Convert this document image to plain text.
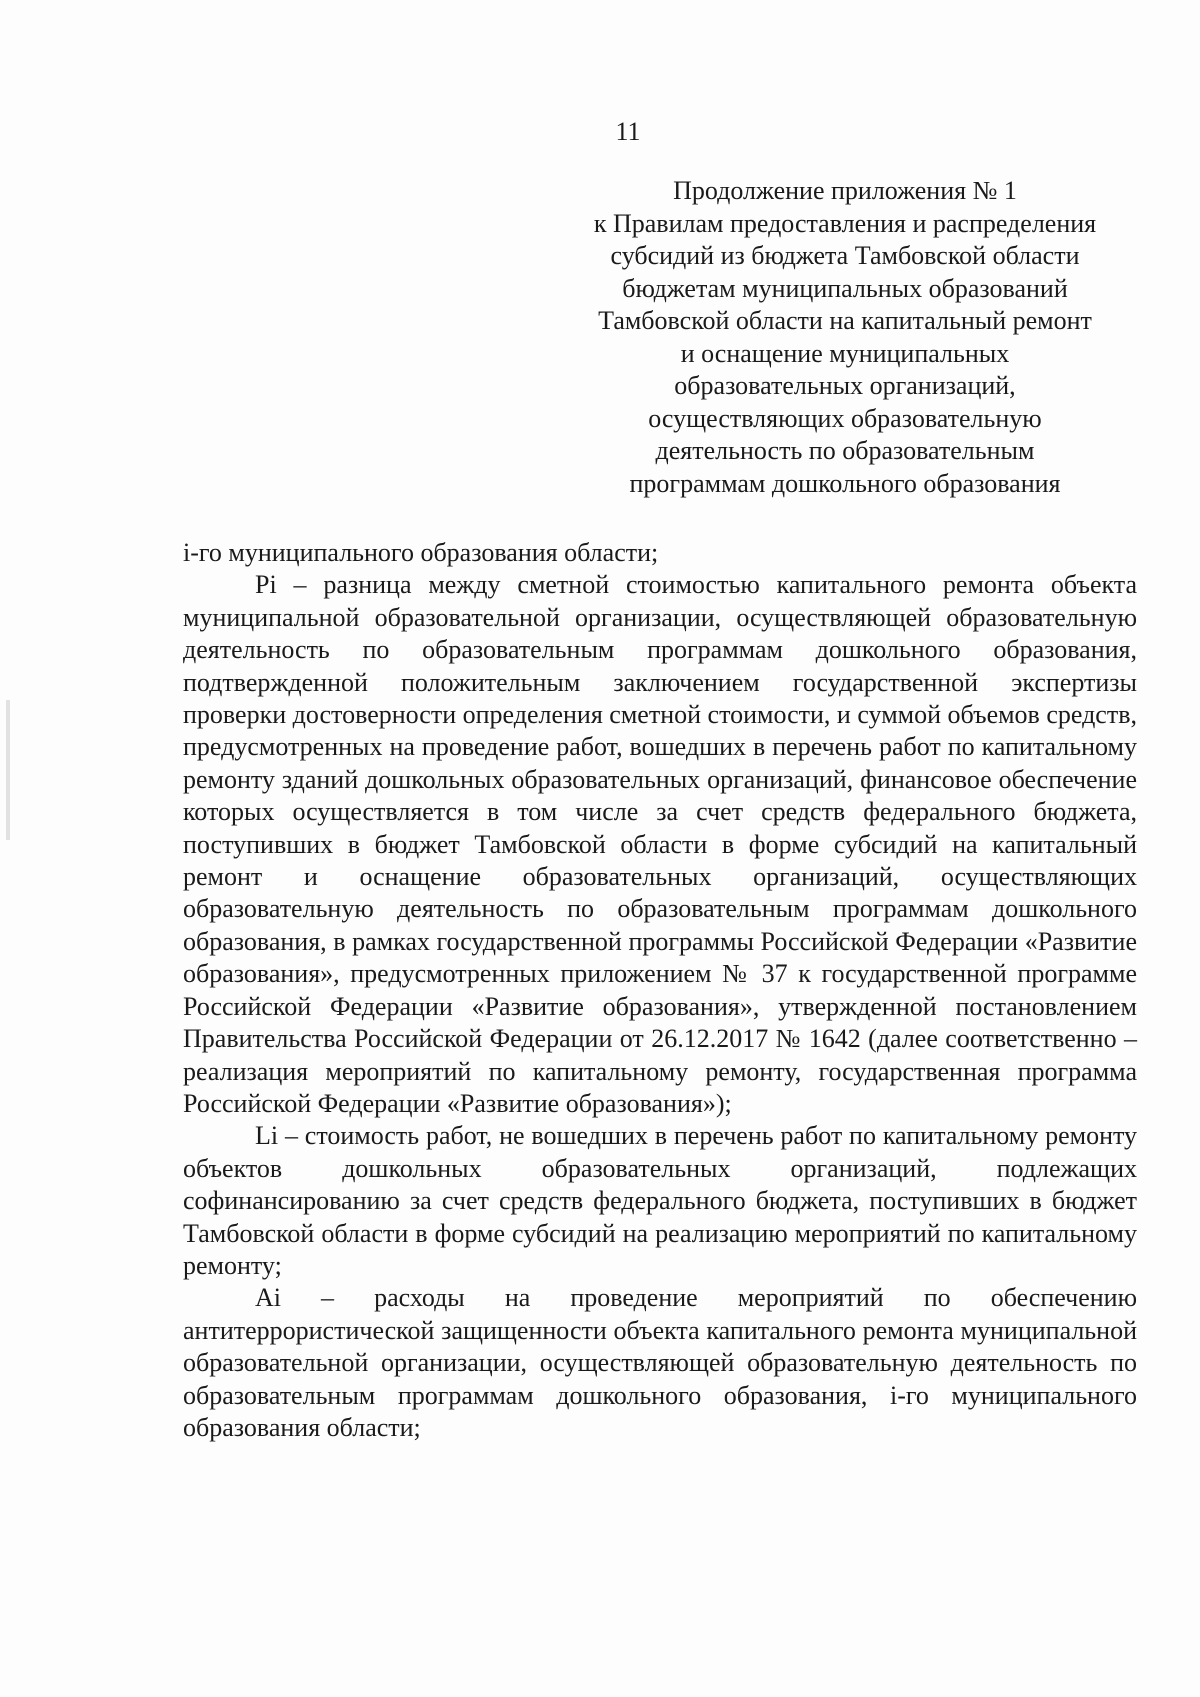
11
Продолжение приложения № 1
к Правилам предоставления и распределения
субсидий из бюджета Тамбовской области
бюджетам муниципальных образований
Тамбовской области на капитальный ремонт
и оснащение муниципальных
образовательных организаций,
осуществляющих образовательную
деятельность по образовательным
программам дошкольного образования

i-го муниципального образования области;

Pi – разница между сметной стоимостью капитального ремонта объекта муниципальной образовательной организации, осуществляющей образовательную деятельность по образовательным программам дошкольного образования, подтвержденной положительным заключением государственной экспертизы проверки достоверности определения сметной стоимости, и суммой объемов средств, предусмотренных на проведение работ, вошедших в перечень работ по капитальному ремонту зданий дошкольных образовательных организаций, финансовое обеспечение которых осуществляется в том числе за счет средств федерального бюджета, поступивших в бюджет Тамбовской области в форме субсидий на капитальный ремонт и оснащение образовательных организаций, осуществляющих образовательную деятельность по образовательным программам дошкольного образования, в рамках государственной программы Российской Федерации «Развитие образования», предусмотренных приложением № 37 к государственной программе Российской Федерации «Развитие образования», утвержденной постановлением Правительства Российской Федерации от 26.12.2017 № 1642 (далее соответственно – реализация мероприятий по капитальному ремонту, государственная программа Российской Федерации «Развитие образования»);

Li – стоимость работ, не вошедших в перечень работ по капитальному ремонту объектов дошкольных образовательных организаций, подлежащих софинансированию за счет средств федерального бюджета, поступивших в бюджет Тамбовской области в форме субсидий на реализацию мероприятий по капитальному ремонту;

Ai – расходы на проведение мероприятий по обеспечению антитеррористической защищенности объекта капитального ремонта муниципальной образовательной организации, осуществляющей образовательную деятельность по образовательным программам дошкольного образования, i-го муниципального образования области;
